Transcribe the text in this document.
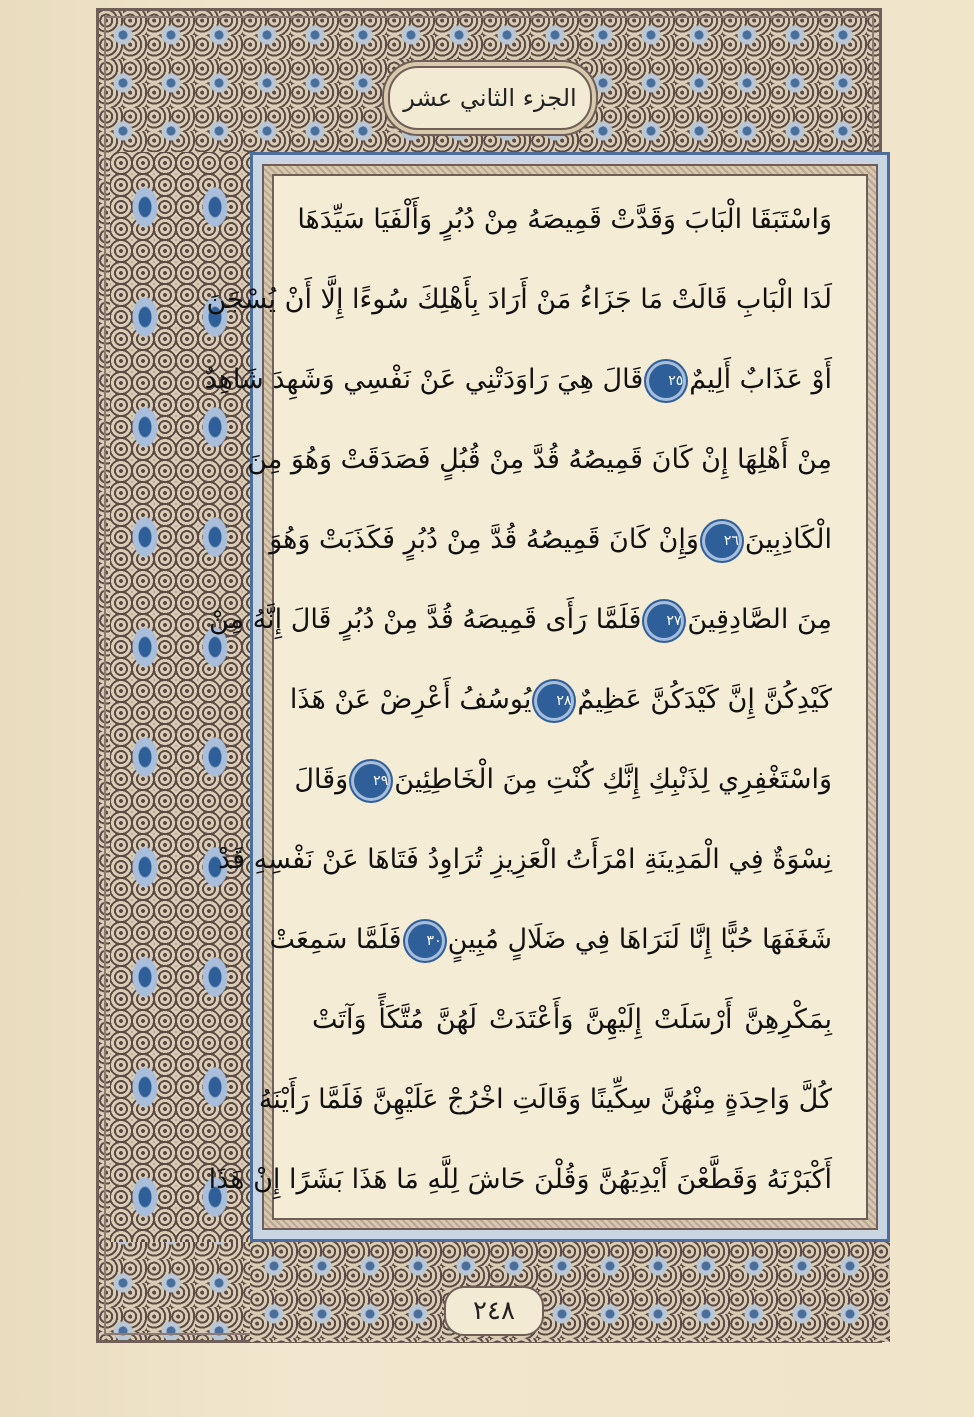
الجزء الثاني عشر
وَاسْتَبَقَا الْبَابَ وَقَدَّتْ قَمِيصَهُ مِنْ دُبُرٍ وَأَلْفَيَا سَيِّدَهَا
لَدَا الْبَابِ قَالَتْ مَا جَزَاءُ مَنْ أَرَادَ بِأَهْلِكَ سُوءًا إِلَّا أَنْ يُسْجَنَ
أَوْ عَذَابٌ أَلِيمٌ٢٥قَالَ هِيَ رَاوَدَتْنِي عَنْ نَفْسِي وَشَهِدَ شَاهِدٌ
مِنْ أَهْلِهَا إِنْ كَانَ قَمِيصُهُ قُدَّ مِنْ قُبُلٍ فَصَدَقَتْ وَهُوَ مِنَ
الْكَاذِبِينَ٢٦وَإِنْ كَانَ قَمِيصُهُ قُدَّ مِنْ دُبُرٍ فَكَذَبَتْ وَهُوَ
مِنَ الصَّادِقِينَ٢٧فَلَمَّا رَأَى قَمِيصَهُ قُدَّ مِنْ دُبُرٍ قَالَ إِنَّهُ مِنْ
كَيْدِكُنَّ إِنَّ كَيْدَكُنَّ عَظِيمٌ٢٨يُوسُفُ أَعْرِضْ عَنْ هَذَا
وَاسْتَغْفِرِي لِذَنْبِكِ إِنَّكِ كُنْتِ مِنَ الْخَاطِئِينَ٢٩وَقَالَ
نِسْوَةٌ فِي الْمَدِينَةِ امْرَأَتُ الْعَزِيزِ تُرَاوِدُ فَتَاهَا عَنْ نَفْسِهِ قَدْ
شَغَفَهَا حُبًّا إِنَّا لَنَرَاهَا فِي ضَلَالٍ مُبِينٍ٣٠فَلَمَّا سَمِعَتْ
بِمَكْرِهِنَّ أَرْسَلَتْ إِلَيْهِنَّ وَأَعْتَدَتْ لَهُنَّ مُتَّكَأً وَآتَتْ
كُلَّ وَاحِدَةٍ مِنْهُنَّ سِكِّينًا وَقَالَتِ اخْرُجْ عَلَيْهِنَّ فَلَمَّا رَأَيْنَهُ
أَكْبَرْنَهُ وَقَطَّعْنَ أَيْدِيَهُنَّ وَقُلْنَ حَاشَ لِلَّهِ مَا هَذَا بَشَرًا إِنْ هَذَا
٢٤٨
